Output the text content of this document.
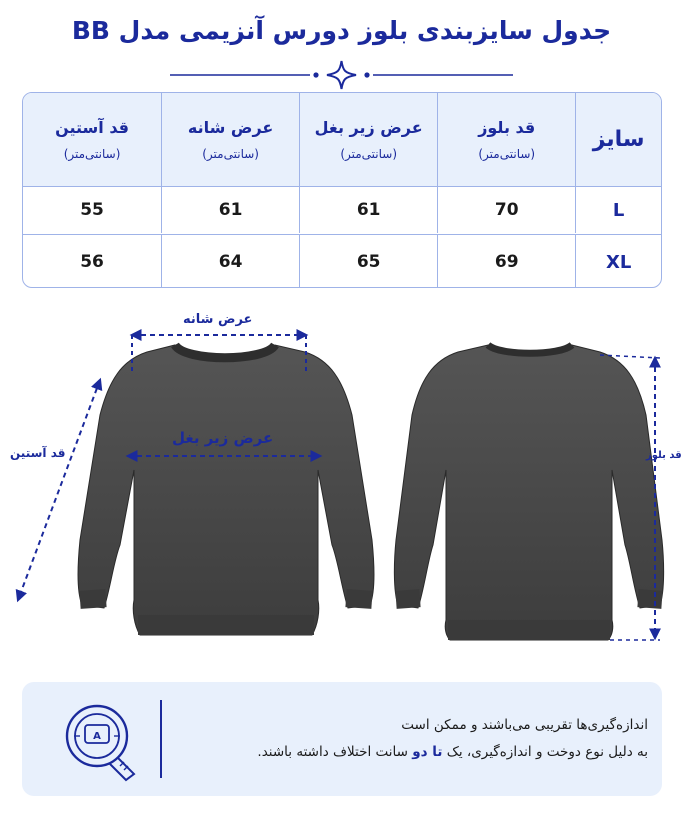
جدول سایزبندی بلوز دورس آنزیمی مدل BB
سایز
قد بلوز
(سانتی‌متر)
عرض زیر بغل
(سانتی‌متر)
عرض شانه
(سانتی‌متر)
قد آستین
(سانتی‌متر)
L
70
61
61
55
XL
69
65
64
56
عرض شانه
قد آستین
عرض زیر بغل
قد بلوز
A
اندازه‌گیری‌ها تقریبی می‌باشند و ممکن است
به دلیل نوع دوخت و اندازه‌گیری، یک تا دو سانت اختلاف داشته باشند.
